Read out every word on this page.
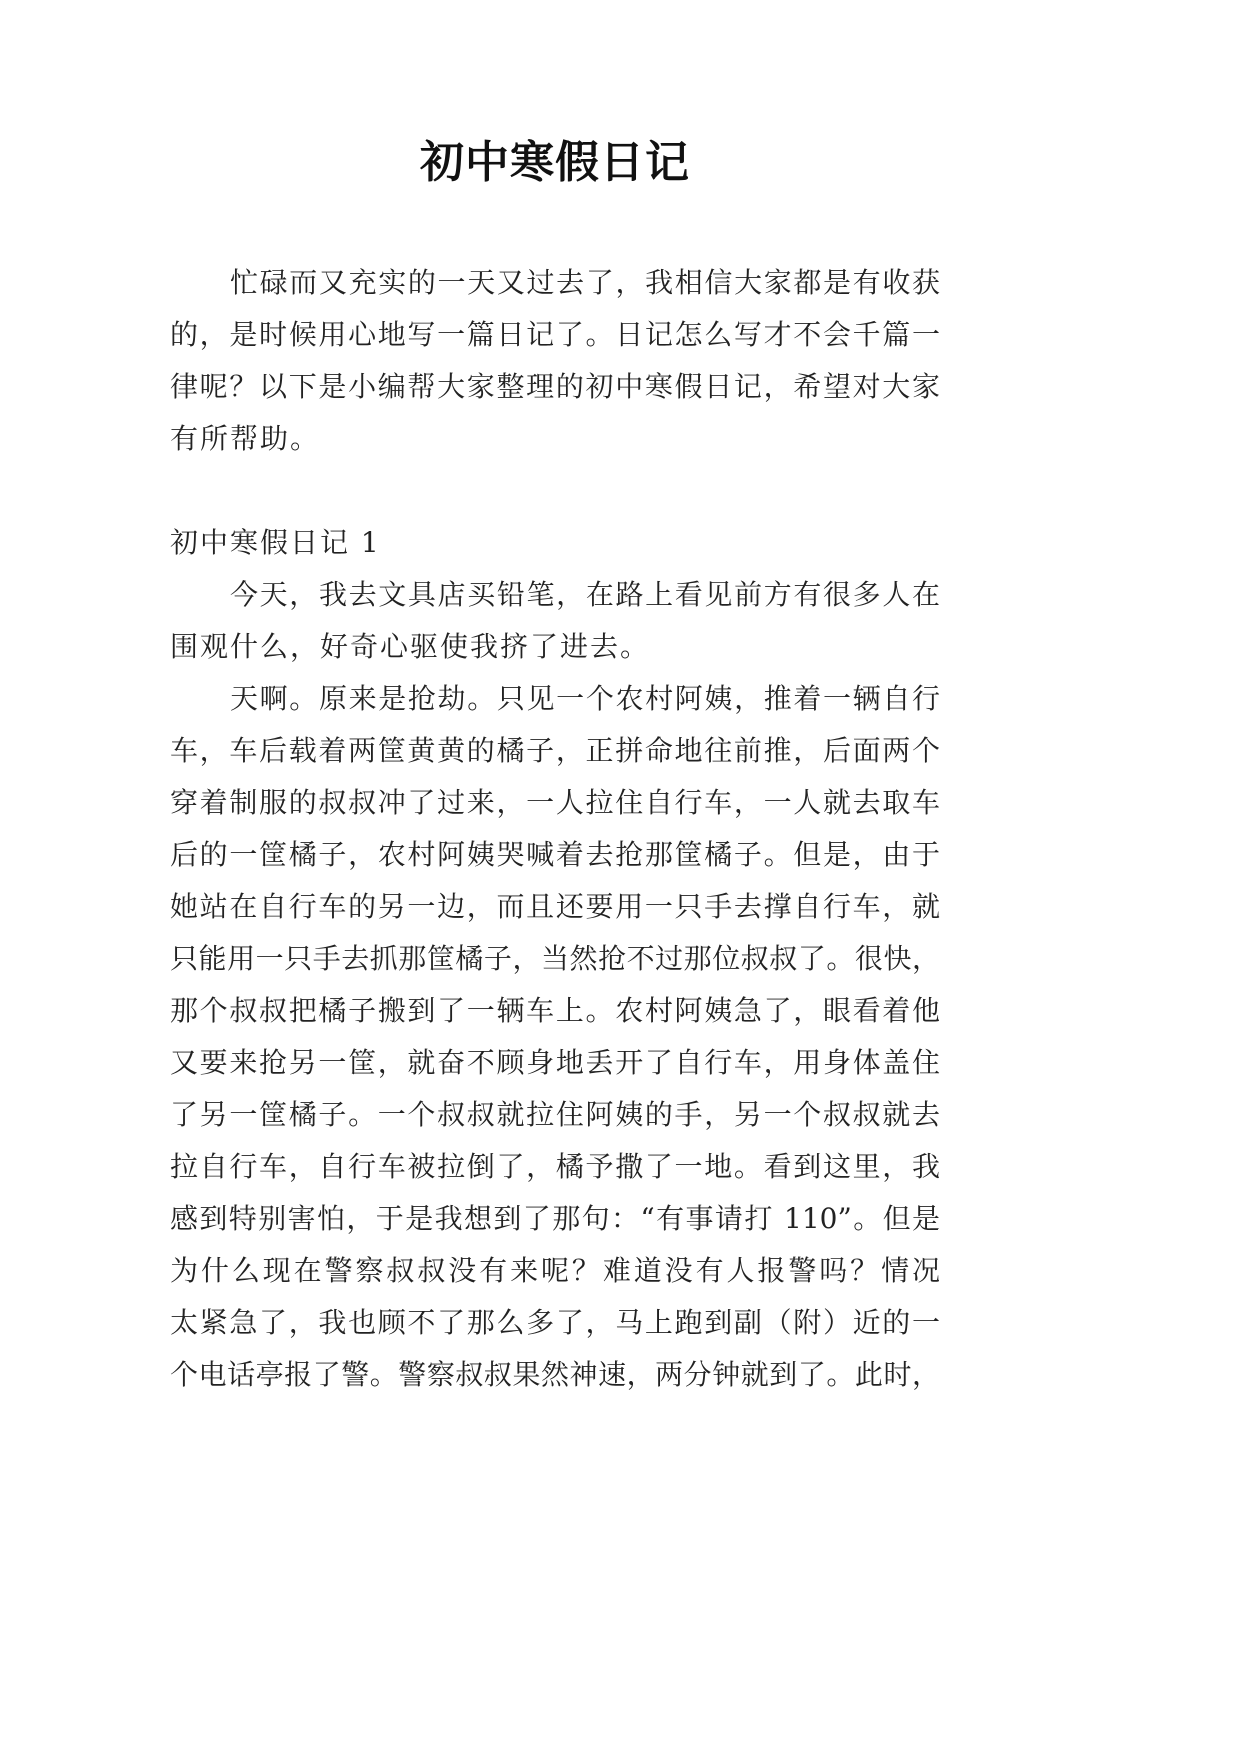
初中寒假日记
忙碌而又充实的一天又过去了，我相信大家都是有收获
的，是时候用心地写一篇日记了。日记怎么写才不会千篇一
律呢？以下是小编帮大家整理的初中寒假日记，希望对大家
有所帮助。
初中寒假日记 1
今天，我去文具店买铅笔，在路上看见前方有很多人在
围观什么，好奇心驱使我挤了进去。
天啊。原来是抢劫。只见一个农村阿姨，推着一辆自行
车，车后载着两筐黄黄的橘子，正拼命地往前推，后面两个
穿着制服的叔叔冲了过来，一人拉住自行车，一人就去取车
后的一筐橘子，农村阿姨哭喊着去抢那筐橘子。但是，由于
她站在自行车的另一边，而且还要用一只手去撑自行车，就
只能用一只手去抓那筐橘子，当然抢不过那位叔叔了。很快，
那个叔叔把橘子搬到了一辆车上。农村阿姨急了，眼看着他
又要来抢另一筐，就奋不顾身地丢开了自行车，用身体盖住
了另一筐橘子。一个叔叔就拉住阿姨的手，另一个叔叔就去
拉自行车，自行车被拉倒了，橘予撒了一地。看到这里，我
感到特别害怕，于是我想到了那句：“有事请打 110”。但是
为什么现在警察叔叔没有来呢？难道没有人报警吗？情况
太紧急了，我也顾不了那么多了，马上跑到副（附）近的一
个电话亭报了警。警察叔叔果然神速，两分钟就到了。此时，
